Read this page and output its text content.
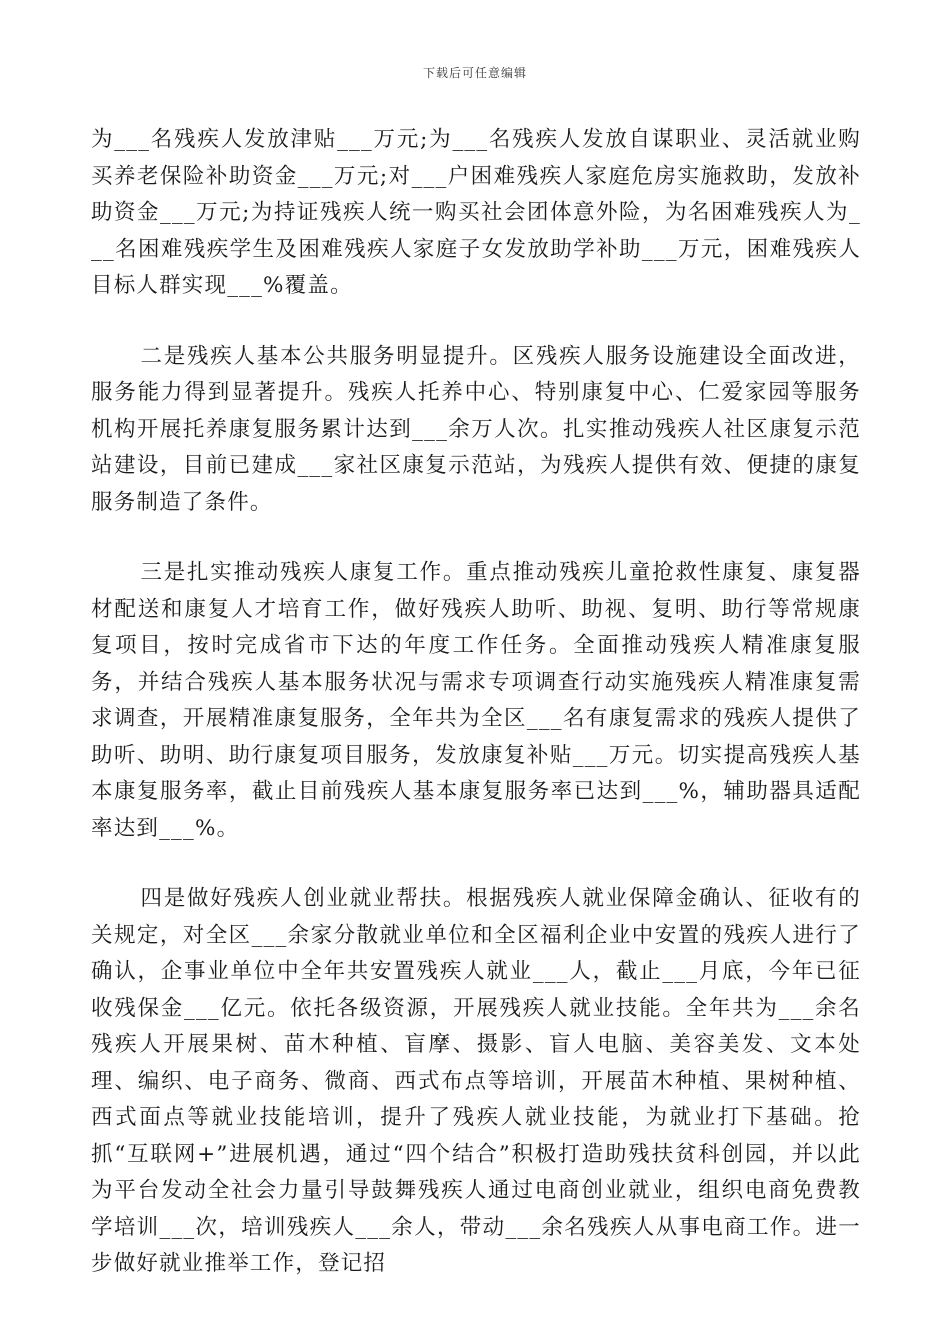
下载后可任意编辑

为___名残疾人发放津贴___万元;为___名残疾人发放自谋职业、灵活就业购买养老保险补助资金___万元;对___户困难残疾人家庭危房实施救助，发放补助资金___万元;为持证残疾人统一购买社会团体意外险，为名困难残疾人为___名困难残疾学生及困难残疾人家庭子女发放助学补助___万元，困难残疾人目标人群实现___%覆盖。

二是残疾人基本公共服务明显提升。区残疾人服务设施建设全面改进，服务能力得到显著提升。残疾人托养中心、特别康复中心、仁爱家园等服务机构开展托养康复服务累计达到___余万人次。扎实推动残疾人社区康复示范站建设，目前已建成___家社区康复示范站，为残疾人提供有效、便捷的康复服务制造了条件。

三是扎实推动残疾人康复工作。重点推动残疾儿童抢救性康复、康复器材配送和康复人才培育工作，做好残疾人助听、助视、复明、助行等常规康复项目，按时完成省市下达的年度工作任务。全面推动残疾人精准康复服务，并结合残疾人基本服务状况与需求专项调查行动实施残疾人精准康复需求调查，开展精准康复服务，全年共为全区___名有康复需求的残疾人提供了助听、助明、助行康复项目服务，发放康复补贴___万元。切实提高残疾人基本康复服务率，截止目前残疾人基本康复服务率已达到___%，辅助器具适配率达到___%。

四是做好残疾人创业就业帮扶。根据残疾人就业保障金确认、征收有的关规定，对全区___余家分散就业单位和全区福利企业中安置的残疾人进行了确认，企事业单位中全年共安置残疾人就业___人，截止___月底，今年已征收残保金___亿元。依托各级资源，开展残疾人就业技能。全年共为___余名残疾人开展果树、苗木种植、盲摩、摄影、盲人电脑、美容美发、文本处理、编织、电子商务、微商、西式布点等培训，开展苗木种植、果树种植、西式面点等就业技能培训，提升了残疾人就业技能，为就业打下基础。抢抓“互联网+”进展机遇，通过“四个结合”积极打造助残扶贫科创园，并以此为平台发动全社会力量引导鼓舞残疾人通过电商创业就业，组织电商免费教学培训___次，培训残疾人___余人，带动___余名残疾人从事电商工作。进一步做好就业推举工作，登记招
